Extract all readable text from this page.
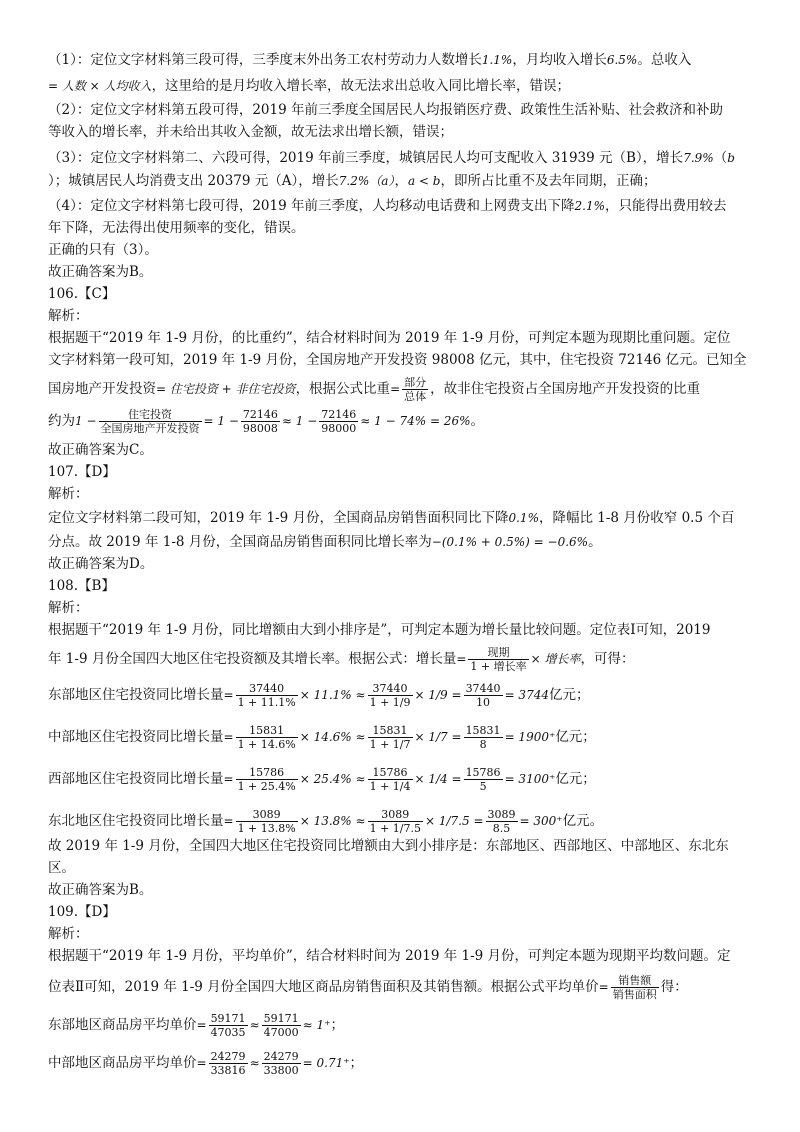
（1）：定位文字材料第三段可得，三季度末外出务工农村劳动力人数增长1.1%，月均收入增长6.5%。总收入
= 人数 × 人均收入，这里给的是月均收入增长率，故无法求出总收入同比增长率，错误；
（2）：定位文字材料第五段可得，2019 年前三季度全国居民人均报销医疗费、政策性生活补贴、社会救济和补助
等收入的增长率，并未给出其收入金额，故无法求出增长额，错误；
（3）：定位文字材料第二、六段可得，2019 年前三季度，城镇居民人均可支配收入 31939 元（B），增长7.9%（b
）；城镇居民人均消费支出 20379 元（A），增长7.2%（a），a < b，即所占比重不及去年同期，正确；
（4）：定位文字材料第七段可得，2019 年前三季度，人均移动电话费和上网费支出下降2.1%，只能得出费用较去
年下降，无法得出使用频率的变化，错误。
正确的只有（3）。
故正确答案为B。
106.【C】
解析：
根据题干“2019 年 1-9 月份，的比重约”，结合材料时间为 2019 年 1-9 月份，可判定本题为现期比重问题。定位
文字材料第一段可知，2019 年 1-9 月份，全国房地产开发投资 98008 亿元，其中，住宅投资 72146 亿元。已知全
国房地产开发投资= 住宅投资 + 非住宅投资，根据公式比重= $\frac{\text{部分}}{\text{总体}}$ ，故非住宅投资占全国房地产开发投资的比重
约为$1 - \frac{\text{住宅投资}}{\text{全国房地产开发投资}} = 1 - \frac{72146}{98008} \approx 1 - \frac{72146}{98000} \approx 1 - 74\% = 26\%$。
故正确答案为C。
107.【D】
解析：
定位文字材料第二段可知，2019 年 1-9 月份，全国商品房销售面积同比下降0.1%，降幅比 1-8 月份收窄 0.5 个百
分点。故 2019 年 1-8 月份，全国商品房销售面积同比增长率为−(0.1% + 0.5%) = −0.6%。
故正确答案为D。
108.【B】
解析：
根据题干“2019 年 1-9 月份，同比增额由大到小排序是”，可判定本题为增长量比较问题。定位表Ⅰ可知，2019
年 1-9 月份全国四大地区住宅投资额及其增长率。根据公式：增长量= $\frac{\text{现期}}{\text{1 + 增长率}}$ × 增长率，可得：
东部地区住宅投资同比增长量= $\frac{37440}{1 + 11.1\%} \times 11.1\% \approx \frac{37440}{1 + 1/9} \times 1/9 = \frac{37440}{10} = 3744$亿元；
中部地区住宅投资同比增长量= $\frac{15831}{1 + 14.6\%} \times 14.6\% \approx \frac{15831}{1 + 1/7} \times 1/7 = \frac{15831}{8} = 1900^+$亿元；
西部地区住宅投资同比增长量= $\frac{15786}{1 + 25.4\%} \times 25.4\% \approx \frac{15786}{1 + 1/4} \times 1/4 = \frac{15786}{5} = 3100^+$亿元；
东北地区住宅投资同比增长量= $\frac{3089}{1 + 13.8\%} \times 13.8\% \approx \frac{3089}{1 + 1/7.5} \times 1/7.5 = \frac{3089}{8.5} = 300^+$亿元。
故 2019 年 1-9 月份，全国四大地区住宅投资同比增额由大到小排序是：东部地区、西部地区、中部地区、东北东
区。
故正确答案为B。
109.【D】
解析：
根据题干“2019 年 1-9 月份，平均单价”，结合材料时间为 2019 年 1-9 月份，可判定本题为现期平均数问题。定
位表Ⅱ可知，2019 年 1-9 月份全国四大地区商品房销售面积及其销售额。根据公式平均单价= $\frac{\text{销售额}}{\text{销售面积}}$ 得：
东部地区商品房平均单价= $\frac{59171}{47035} \approx \frac{59171}{47000} \approx 1^+$；
中部地区商品房平均单价= $\frac{24279}{33816} \approx \frac{24279}{33800} = 0.71^+$；
